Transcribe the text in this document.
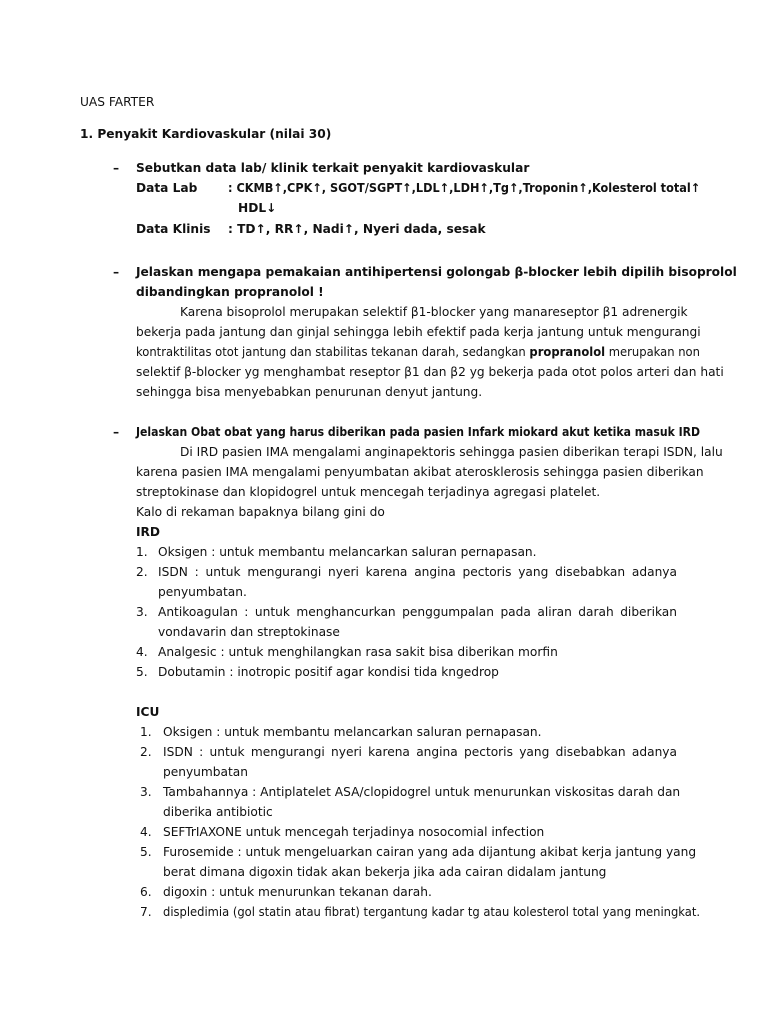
UAS FARTER
1. Penyakit Kardiovaskular (nilai 30)
–	Sebutkan data lab/ klinik terkait penyakit kardiovaskular
Data Lab	: CKMB↑,CPK↑, SGOT/SGPT↑,LDL↑,LDH↑,Tg↑,Troponin↑,Kolesterol total↑
HDL↓
Data Klinis : TD↑, RR↑, Nadi↑, Nyeri dada, sesak
–	Jelaskan mengapa pemakaian antihipertensi golongab β-blocker lebih dipilih bisoprolol
dibandingkan propranolol !
Karena bisoprolol merupakan selektif β1-blocker yang manareseptor β1 adrenergik
bekerja pada jantung dan ginjal sehingga lebih efektif pada kerja jantung untuk mengurangi
kontraktilitas otot jantung dan stabilitas tekanan darah, sedangkan propranolol merupakan non
selektif β-blocker yg menghambat reseptor β1 dan β2 yg bekerja pada otot polos arteri dan hati
sehingga bisa menyebabkan penurunan denyut jantung.
–	Jelaskan Obat obat yang harus diberikan pada pasien Infark miokard akut ketika masuk IRD
Di IRD pasien IMA mengalami anginapektoris sehingga pasien diberikan terapi ISDN, lalu
karena pasien IMA mengalami penyumbatan akibat aterosklerosis sehingga pasien diberikan
streptokinase dan klopidogrel untuk mencegah terjadinya agregasi platelet.
Kalo di rekaman bapaknya bilang gini do
IRD
1. Oksigen : untuk membantu melancarkan saluran pernapasan.
2. ISDN : untuk mengurangi nyeri karena angina pectoris yang disebabkan adanya
penyumbatan.
3. Antikoagulan : untuk menghancurkan penggumpalan pada aliran darah diberikan
vondavarin dan streptokinase
4. Analgesic : untuk menghilangkan rasa sakit bisa diberikan morfin
5. Dobutamin : inotropic positif agar kondisi tida kngedrop
ICU
1. Oksigen : untuk membantu melancarkan saluran pernapasan.
2. ISDN : untuk mengurangi nyeri karena angina pectoris yang disebabkan adanya
penyumbatan
3. Tambahannya : Antiplatelet ASA/clopidogrel untuk menurunkan viskositas darah dan
diberika antibiotic
4. SEFTrIAXONE untuk mencegah terjadinya nosocomial infection
5. Furosemide : untuk mengeluarkan cairan yang ada dijantung akibat kerja jantung yang
berat dimana digoxin tidak akan bekerja jika ada cairan didalam jantung
6. digoxin : untuk menurunkan tekanan darah.
7. displedimia (gol statin atau fibrat) tergantung kadar tg atau kolesterol total yang meningkat.
